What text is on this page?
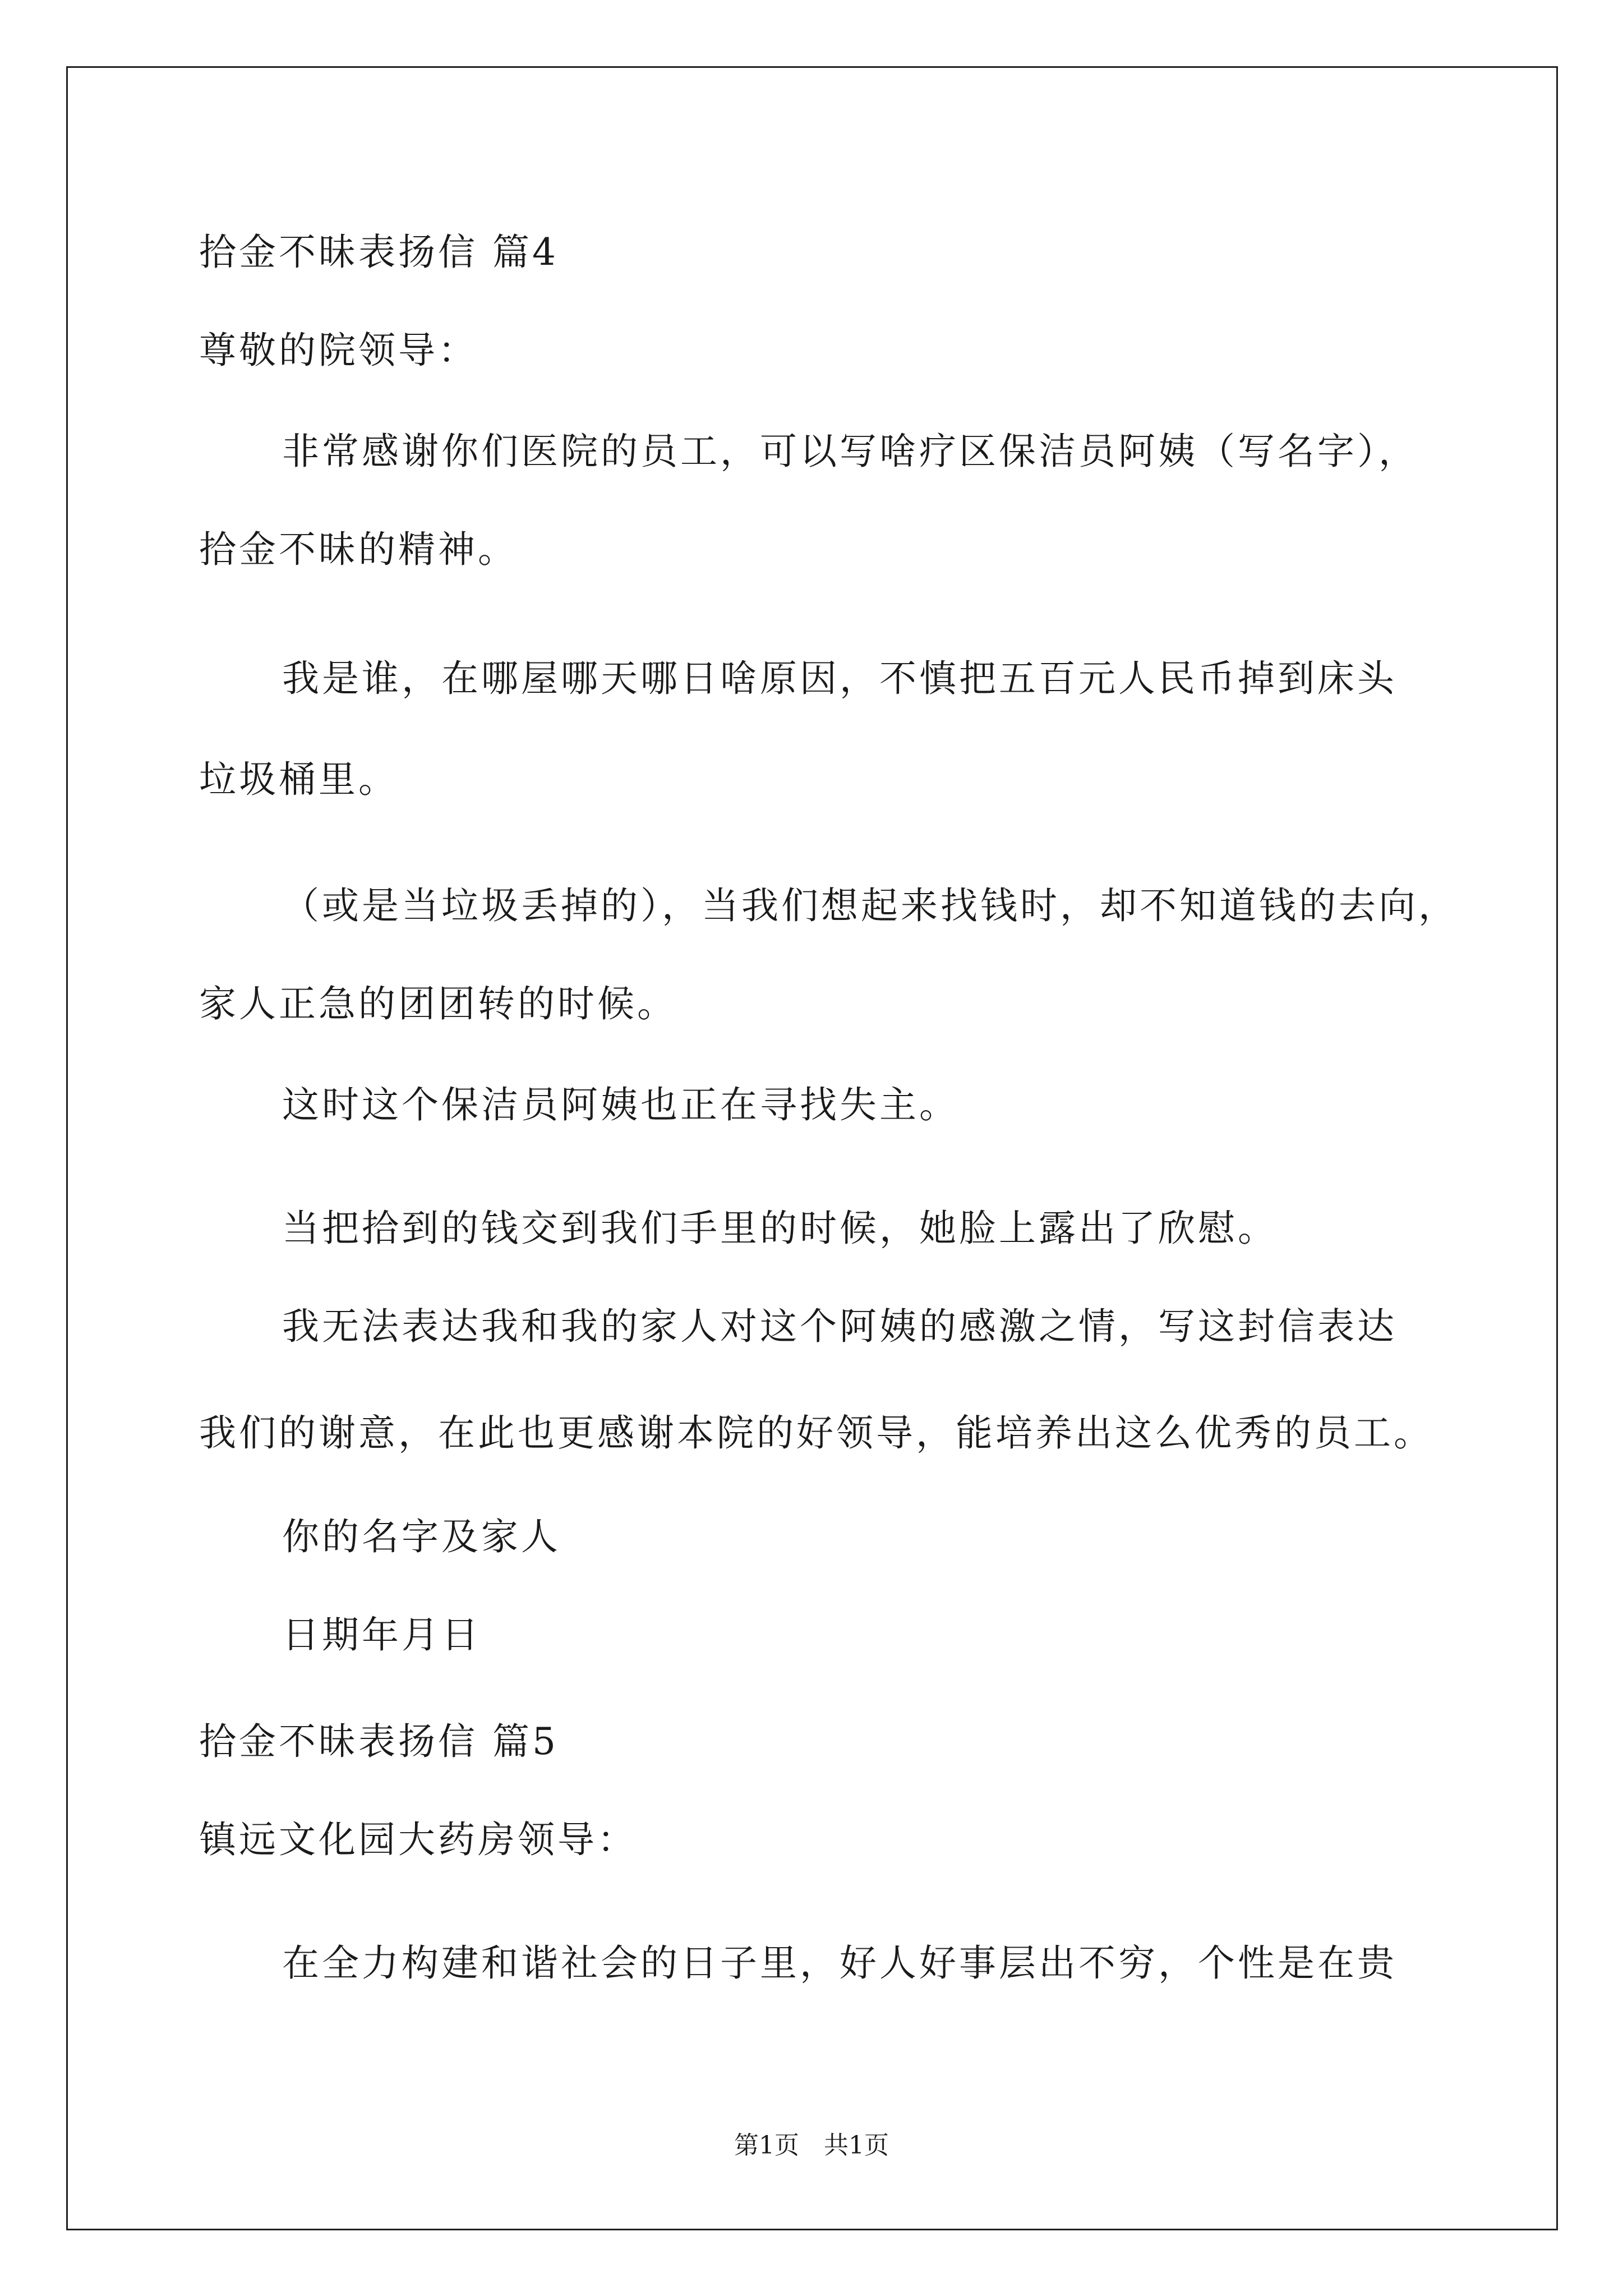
拾金不昧表扬信 篇4
尊敬的院领导：
非常感谢你们医院的员工，可以写啥疗区保洁员阿姨（写名字），
拾金不昧的精神。
我是谁，在哪屋哪天哪日啥原因，不慎把五百元人民币掉到床头
垃圾桶里。
（或是当垃圾丢掉的），当我们想起来找钱时，却不知道钱的去向，
家人正急的团团转的时候。
这时这个保洁员阿姨也正在寻找失主。
当把拾到的钱交到我们手里的时候，她脸上露出了欣慰。
我无法表达我和我的家人对这个阿姨的感激之情，写这封信表达
我们的谢意，在此也更感谢本院的好领导，能培养出这么优秀的员工。
你的名字及家人
日期年月日
拾金不昧表扬信 篇5
镇远文化园大药房领导：
在全力构建和谐社会的日子里，好人好事层出不穷，个性是在贵
第1页　共1页
